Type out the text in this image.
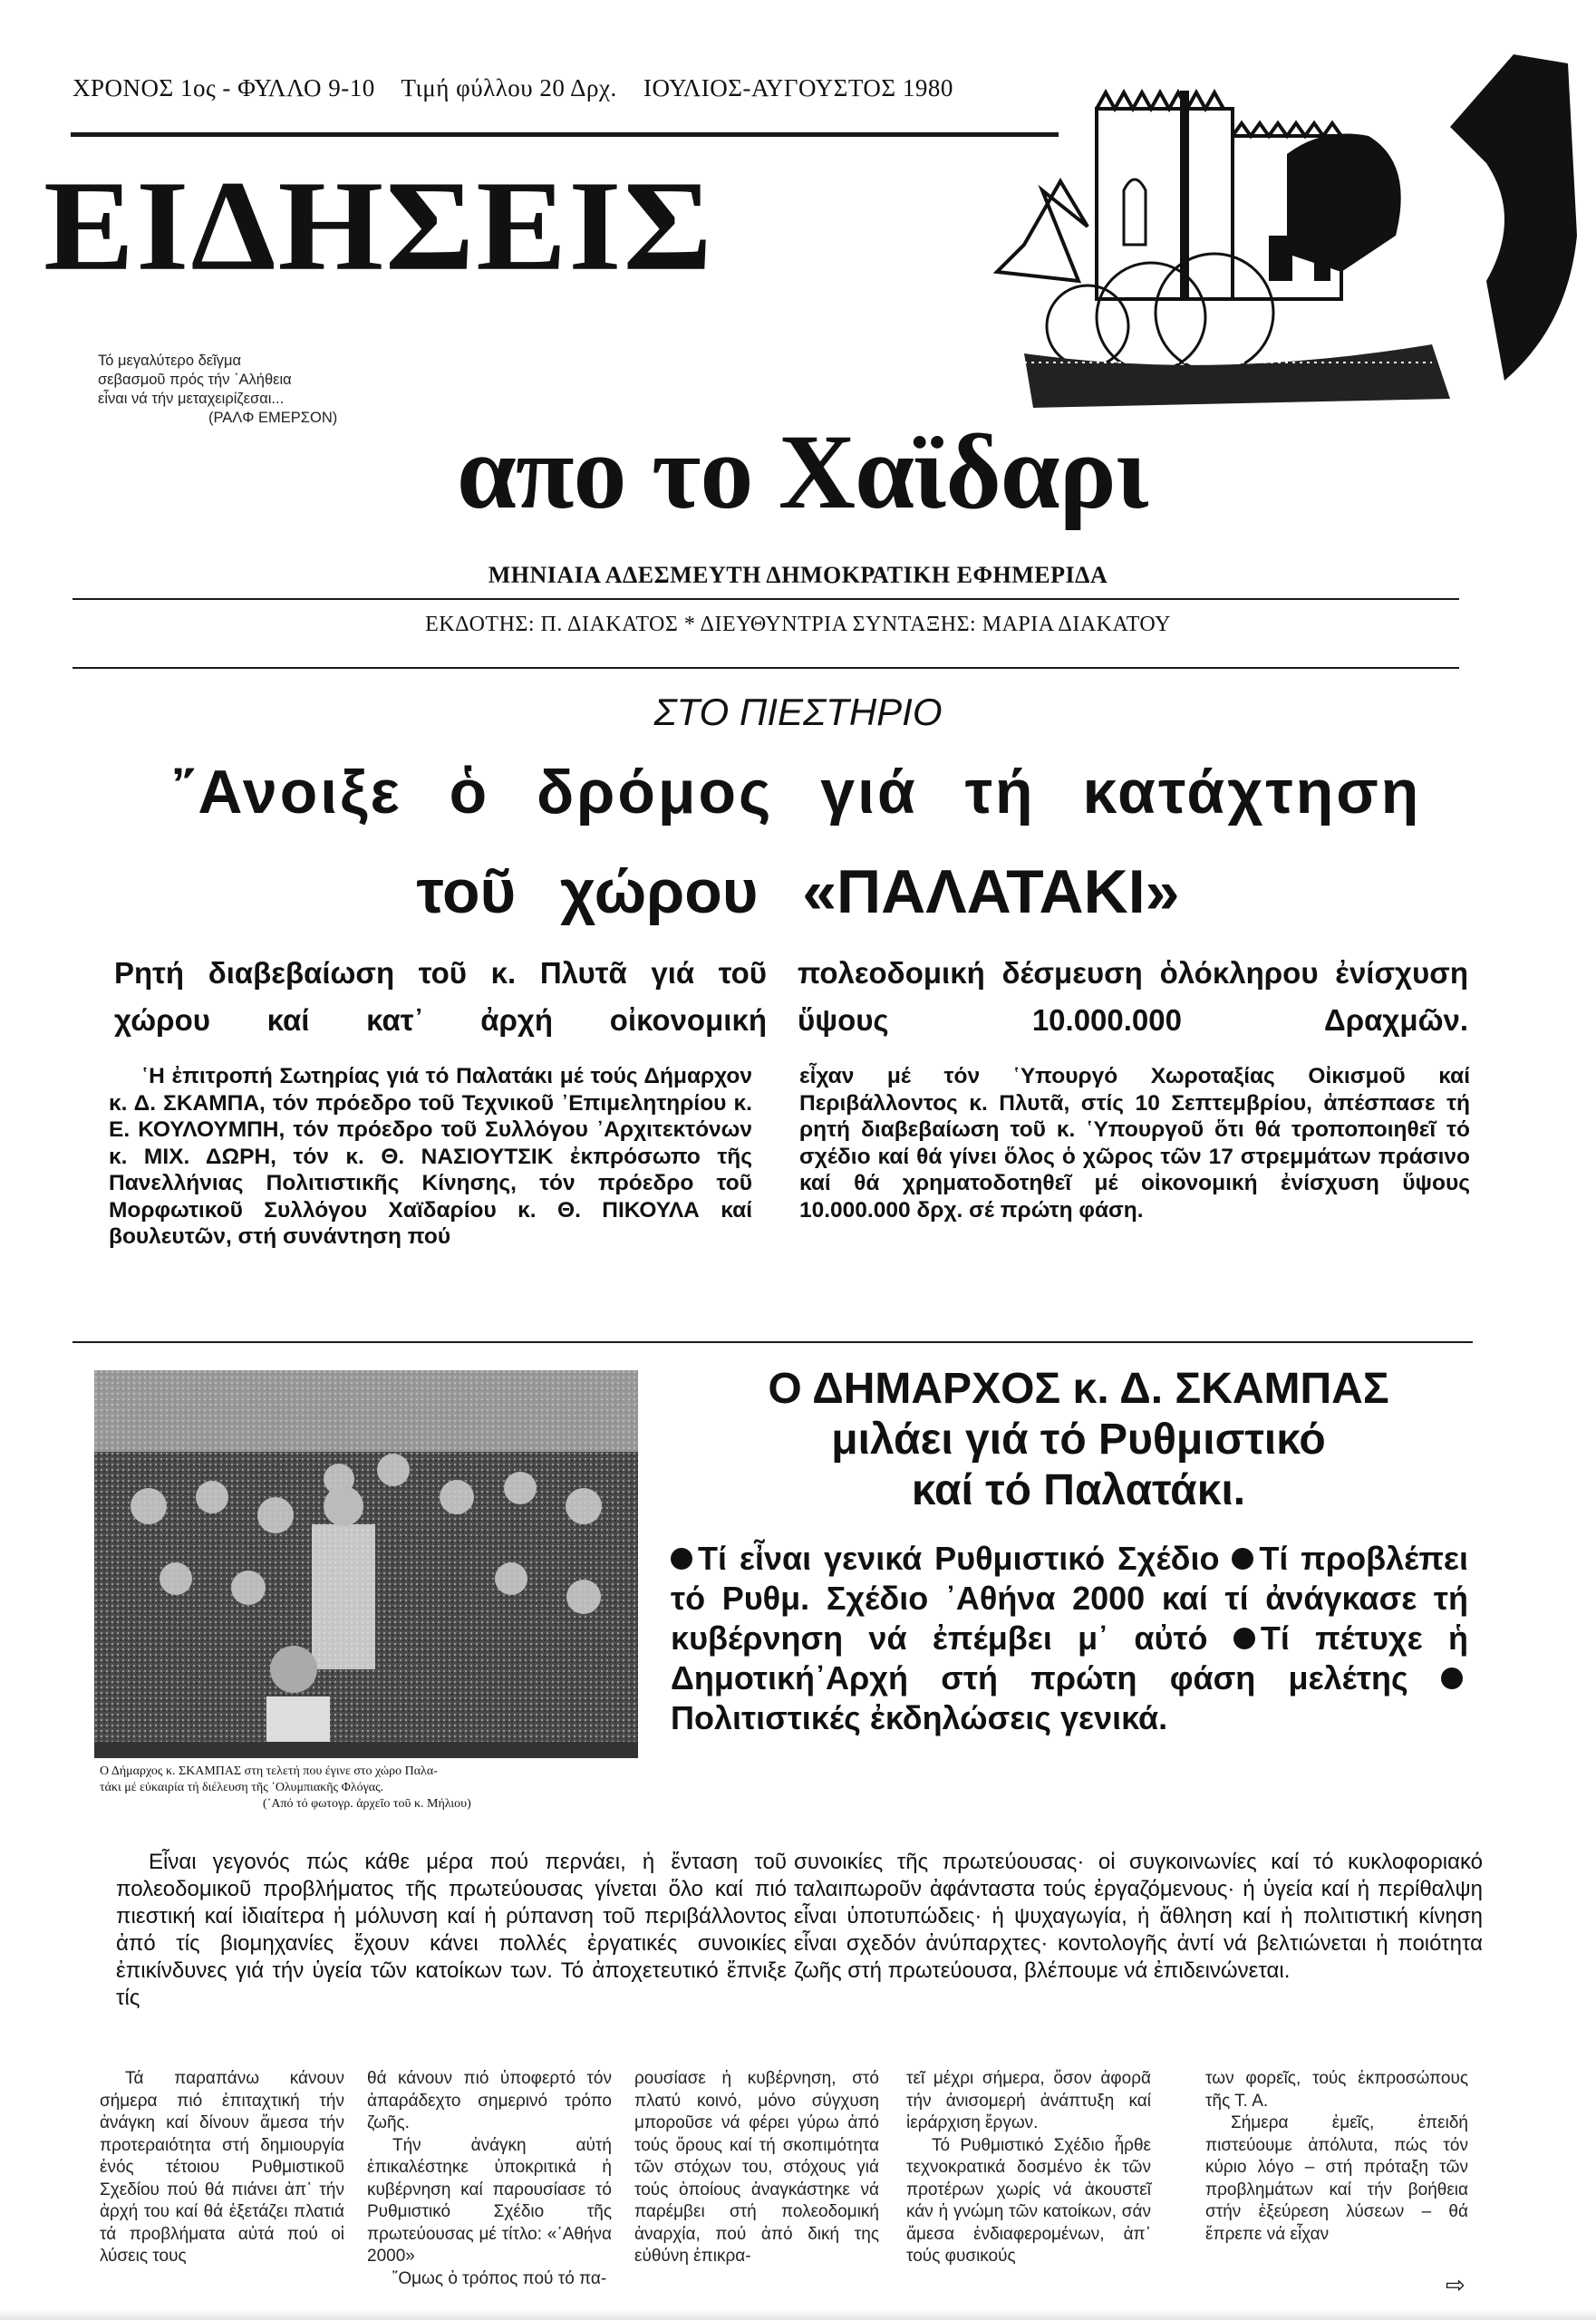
ΧΡΟΝΟΣ 1ος - ΦΥΛΛΟ 9-10 Τιμή φύλλου 20 Δρχ. ΙΟΥΛΙΟΣ-ΑΥΓΟΥΣΤΟΣ 1980
ΕΙΔΗΣΕΙΣ
Τό μεγαλύτερο δεῖγμα
σεβασμοῦ πρός τήν ᾽Αλήθεια
εἶναι νά τήν μεταχειρίζεσαι...
(ΡΑΛΦ ΕΜΕΡΣΟΝ) απο το Χαϊδαρι
ΜΗΝΙΑΙΑ ΑΔΕΣΜΕΥΤΗ ΔΗΜΟΚΡΑΤΙΚΗ ΕΦΗΜΕΡΙΔΑ
ΕΚΔΟΤΗΣ: Π. ΔΙΑΚΑΤΟΣ * ΔΙΕΥΘΥΝΤΡΙΑ ΣΥΝΤΑΞΗΣ: ΜΑΡΙΑ ΔΙΑΚΑΤΟΥ
ΣΤΟ ΠΙΕΣΤΗΡΙΟ
῎Ανοιξε ὁ δρόμος γιά τή κατάχτηση
τοῦ χώρου «ΠΑΛΑΤΑΚΙ»
Ρητή διαβεβαίωση τοῦ κ. Πλυτᾶ γιά τοῦ χώρου καί κατ᾽ ἀρχή οἰκονομική
πολεοδομική δέσμευση ὁλόκληρου ἐνίσχυση ὕψους 10.000.000 Δραχμῶν.
῾Η ἐπιτροπή Σωτηρίας γιά τό Παλατάκι μέ τούς Δήμαρχον κ. Δ. ΣΚΑΜΠΑ, τόν πρόεδρο τοῦ Τεχνικοῦ ᾽Επιμελητηρίου κ. Ε. ΚΟΥΛΟΥΜΠΗ, τόν πρόεδρο τοῦ Συλλόγου ᾽Αρχιτεκτόνων κ. ΜΙΧ. ΔΩΡΗ, τόν κ. Θ. ΝΑΣΙΟΥΤΣΙΚ ἐκπρόσωπο τῆς Πανελλήνιας Πολιτιστικῆς Κίνησης, τόν πρόεδρο τοῦ Μορφωτικοῦ Συλλόγου Χαϊδαρίου κ. Θ. ΠΙΚΟΥΛΑ καί βουλευτῶν, στή συνάντηση πού
εἶχαν μέ τόν ῾Υπουργό Χωροταξίας Οἰκισμοῦ καί Περιβάλλοντος κ. Πλυτᾶ, στίς 10 Σεπτεμβρίου, ἀπέσπασε τή ρητή διαβεβαίωση τοῦ κ. ῾Υπουργοῦ ὅτι θά τροποποιηθεῖ τό σχέδιο καί θά γίνει ὅλος ὁ χῶρος τῶν 17 στρεμμάτων πράσινο καί θά χρηματοδοτηθεῖ μέ οἰκονομική ἐνίσχυση ὕψους 10.000.000 δρχ. σέ πρώτη φάση.
Ο Δήμαρχος κ. ΣΚΑΜΠΑΣ στη τελετή που έγινε στο χώρο Παλα-
τάκι μέ εὐκαιρία τή διέλευση τῆς ᾽Ολυμπιακῆς Φλόγας.
(᾽Από τό φωτογρ. ἀρχεῖο τοῦ κ. Μήλιου)
Ο ΔΗΜΑΡΧΟΣ κ. Δ. ΣΚΑΜΠΑΣ
μιλάει γιά τό Ρυθμιστικό
καί τό Παλατάκι.
Τί εἶναι γενικά Ρυθμιστικό Σχέδιο Τί προβλέπει τό Ρυθμ. Σχέδιο ᾽Αθήνα 2000 καί τί ἀνάγκασε τή κυβέρνηση νά ἐπέμβει μ᾽ αὐτό Τί πέτυχε ἡ Δημοτική᾽Αρχή στή πρώτη φάση μελέτης Πολιτιστικές ἐκδηλώσεις γενικά.
Εἶναι γεγονός πώς κάθε μέρα πού περνάει, ἡ ἔνταση τοῦ πολεοδομικοῦ προβλήματος τῆς πρωτεύουσας γίνεται ὅλο καί πιό πιεστική καί ἰδιαίτερα ἡ μόλυνση καί ἡ ρύπανση τοῦ περιβάλλοντος ἀπό τίς βιομηχανίες ἔχουν κάνει πολλές ἐργατικές συνοικίες ἐπικίνδυνες γιά τήν ὑγεία τῶν κατοίκων των. Τό ἀποχετευτικό ἔπνιξε τίς
συνοικίες τῆς πρωτεύουσας· οἱ συγκοινωνίες καί τό κυκλοφοριακό ταλαιπωροῦν ἀφάνταστα τούς ἐργαζόμενους· ἡ ὑγεία καί ἡ περίθαλψη εἶναι ὑποτυπώδεις· ἡ ψυχαγωγία, ἡ ἄθληση καί ἡ πολιτιστική κίνηση εἶναι σχεδόν ἀνύπαρχτες· κοντολογῆς ἀντί νά βελτιώνεται ἡ ποιότητα ζωῆς στή πρωτεύουσα, βλέπουμε νά ἐπιδεινώνεται.
Τά παραπάνω κάνουν σήμερα πιό ἐπιταχτική τήν ἀνάγκη καί δίνουν ἄμεσα τήν προτεραιότητα στή δημιουργία ἑνός τέτοιου Ρυθμιστικοῦ Σχεδίου πού θά πιάνει ἀπ᾽ τήν ἀρχή του καί θά ἐξετάζει πλατιά τά προβλήματα αὐτά πού οἱ λύσεις τους
θά κάνουν πιό ὑποφερτό τόν ἀπαράδεχτο σημερινό τρόπο ζωῆς.
Τήν ἀνάγκη αὐτή ἐπικαλέστηκε ὑποκριτικά ἡ κυβέρνηση καί παρουσίασε τό Ρυθμιστικό Σχέδιο τῆς πρωτεύουσας μέ τίτλο: «᾽Αθήνα 2000»
῞Ομως ὁ τρόπος πού τό πα-
ρουσίασε ἡ κυβέρνηση, στό πλατύ κοινό, μόνο σύγχυση μποροῦσε νά φέρει γύρω ἀπό τούς ὅρους καί τή σκοπιμότητα τῶν στόχων του, στόχους γιά τούς ὁποίους ἀναγκάστηκε νά παρέμβει στή πολεοδομική ἀναρχία, πού ἀπό δική της εὐθύνη ἐπικρα-
τεῖ μέχρι σήμερα, ὅσον ἀφορᾶ τήν ἀνισομερή ἀνάπτυξη καί ἱεράρχιση ἔργων.
Τό Ρυθμιστικό Σχέδιο ἦρθε τεχνοκρατικά δοσμένο ἐκ τῶν προτέρων χωρίς νά ἀκουστεῖ κάν ἡ γνώμη τῶν κατοίκων, σάν ἄμεσα ἐνδιαφερομένων, ἀπ᾽ τούς φυσικούς
των φορεῖς, τούς ἐκπροσώπους τῆς Τ. Α.
Σήμερα ἐμεῖς, ἐπειδή πιστεύουμε ἀπόλυτα, πώς τόν κύριο λόγο – στή πρόταξη τῶν προβλημάτων καί τήν βοήθεια στήν ἐξεύρεση λύσεων – θά ἔπρεπε νά εἶχαν
⇨
